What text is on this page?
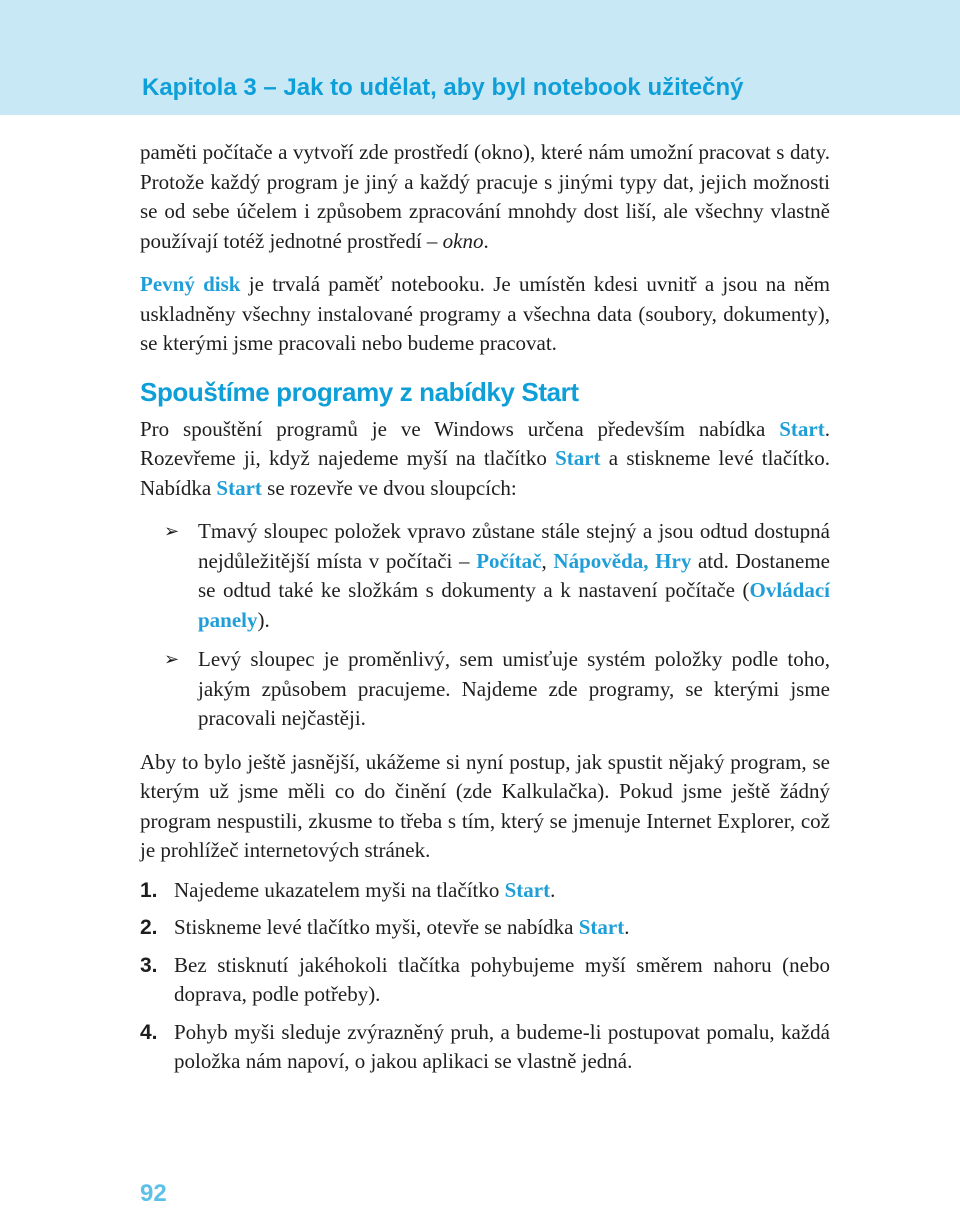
Kapitola 3 – Jak to udělat, aby byl notebook užitečný

paměti počítače a vytvoří zde prostředí (okno), které nám umožní pracovat s daty. Protože každý program je jiný a každý pracuje s jinými typy dat, jejich možnosti se od sebe účelem i způsobem zpracování mnohdy dost liší, ale všechny vlastně používají totéž jednotné prostředí – okno.

Pevný disk je trvalá paměť notebooku. Je umístěn kdesi uvnitř a jsou na něm uskladněny všechny instalované programy a všechna data (soubory, dokumenty), se kterými jsme pracovali nebo budeme pracovat.

Spouštíme programy z nabídky Start

Pro spouštění programů je ve Windows určena především nabídka Start. Rozevřeme ji, když najedeme myší na tlačítko Start a stiskneme levé tlačítko. Nabídka Start se rozevře ve dvou sloupcích:

➢ Tmavý sloupec položek vpravo zůstane stále stejný a jsou odtud dostupná nejdůležitější místa v počítači – Počítač, Nápověda, Hry atd. Dostaneme se odtud také ke složkám s dokumenty a k nastavení počítače (Ovládací panely).
➢ Levý sloupec je proměnlivý, sem umisťuje systém položky podle toho, jakým způsobem pracujeme. Najdeme zde programy, se kterými jsme pracovali nejčastěji.

Aby to bylo ještě jasnější, ukážeme si nyní postup, jak spustit nějaký program, se kterým už jsme měli co do činění (zde Kalkulačka). Pokud jsme ještě žádný program nespustili, zkusme to třeba s tím, který se jmenuje Internet Explorer, což je prohlížeč internetových stránek.

1. Najedeme ukazatelem myši na tlačítko Start.
2. Stiskneme levé tlačítko myši, otevře se nabídka Start.
3. Bez stisknutí jakéhokoli tlačítka pohybujeme myší směrem nahoru (nebo doprava, podle potřeby).
4. Pohyb myši sleduje zvýrazněný pruh, a budeme-li postupovat pomalu, každá položka nám napoví, o jakou aplikaci se vlastně jedná.

92
